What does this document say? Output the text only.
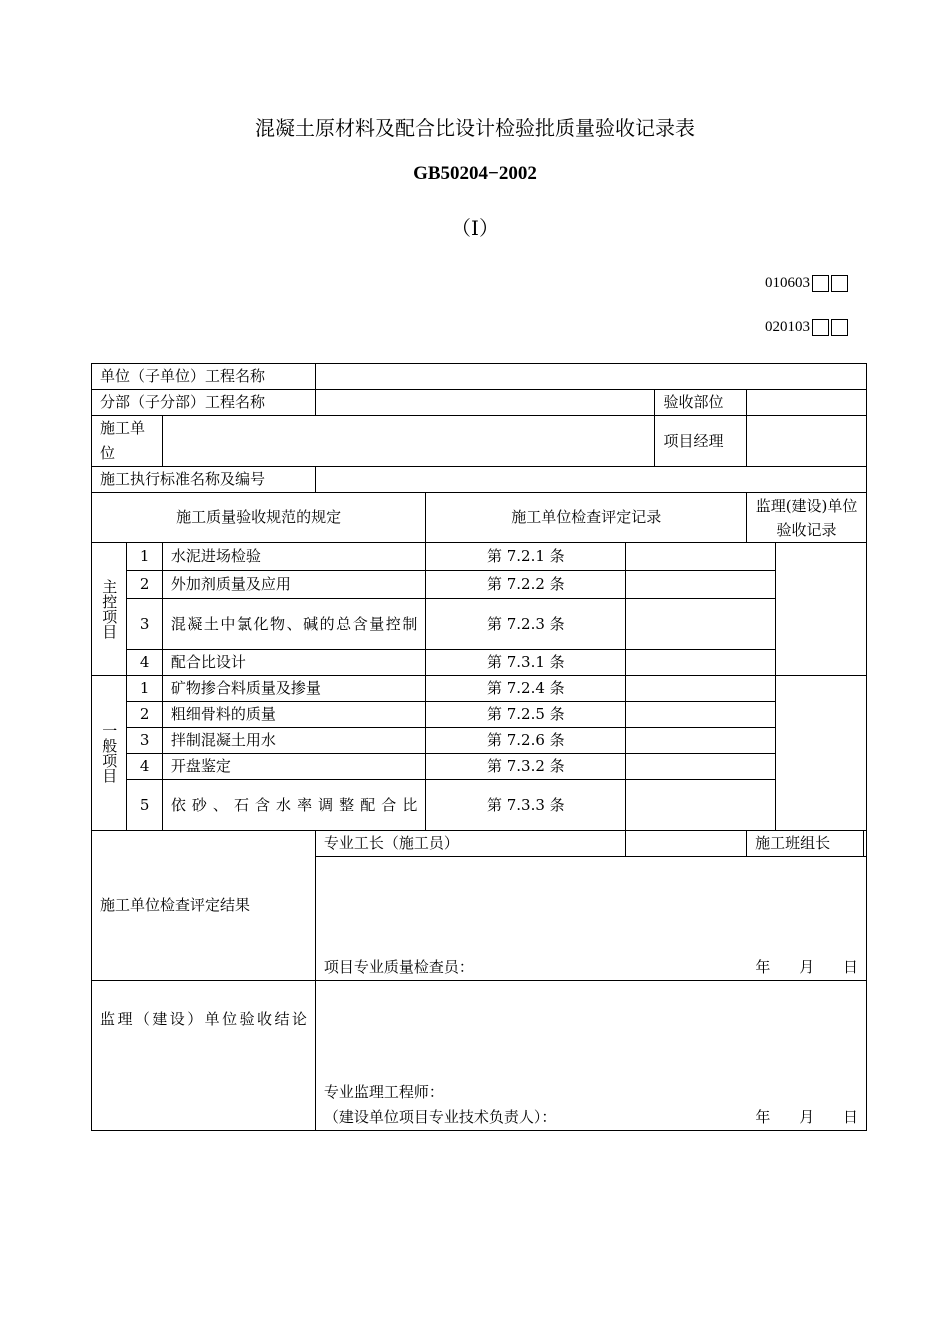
混凝土原材料及配合比设计检验批质量验收记录表
GB50204−2002
（Ⅰ）
010603
020103
单位（子单位）工程名称								
分部（子分部）工程名称						验收部位		
施工单位						项目经理		
施工执行标准名称及编号								
施工质量验收规范的规定				施工单位检查评定记录			监理(建设)单位验收记录	
主控项目	1	水泥进场检验		第 7.2.1 条				
	2	外加剂质量及应用		第 7.2.2 条				
	3	混凝土中氯化物、碱的总含量控制		第 7.2.3 条				
	4	配合比设计		第 7.3.1 条				
一般项目	1	矿物掺合料质量及掺量		第 7.2.4 条				
	2	粗细骨料的质量		第 7.2.5 条				
	3	拌制混凝土用水		第 7.2.6 条				
	4	开盘鉴定		第 7.3.2 条				
	5	依砂、石含水率调整配合比		第 7.3.3 条				
施工单位检查评定结果			专业工长（施工员）				施工班组长	

			项目专业质量检查员： 年 月 日					

监理（建设）单位验收结论			专业监理工程师：
（建设单位项目专业技术负责人）： 年 月 日					
